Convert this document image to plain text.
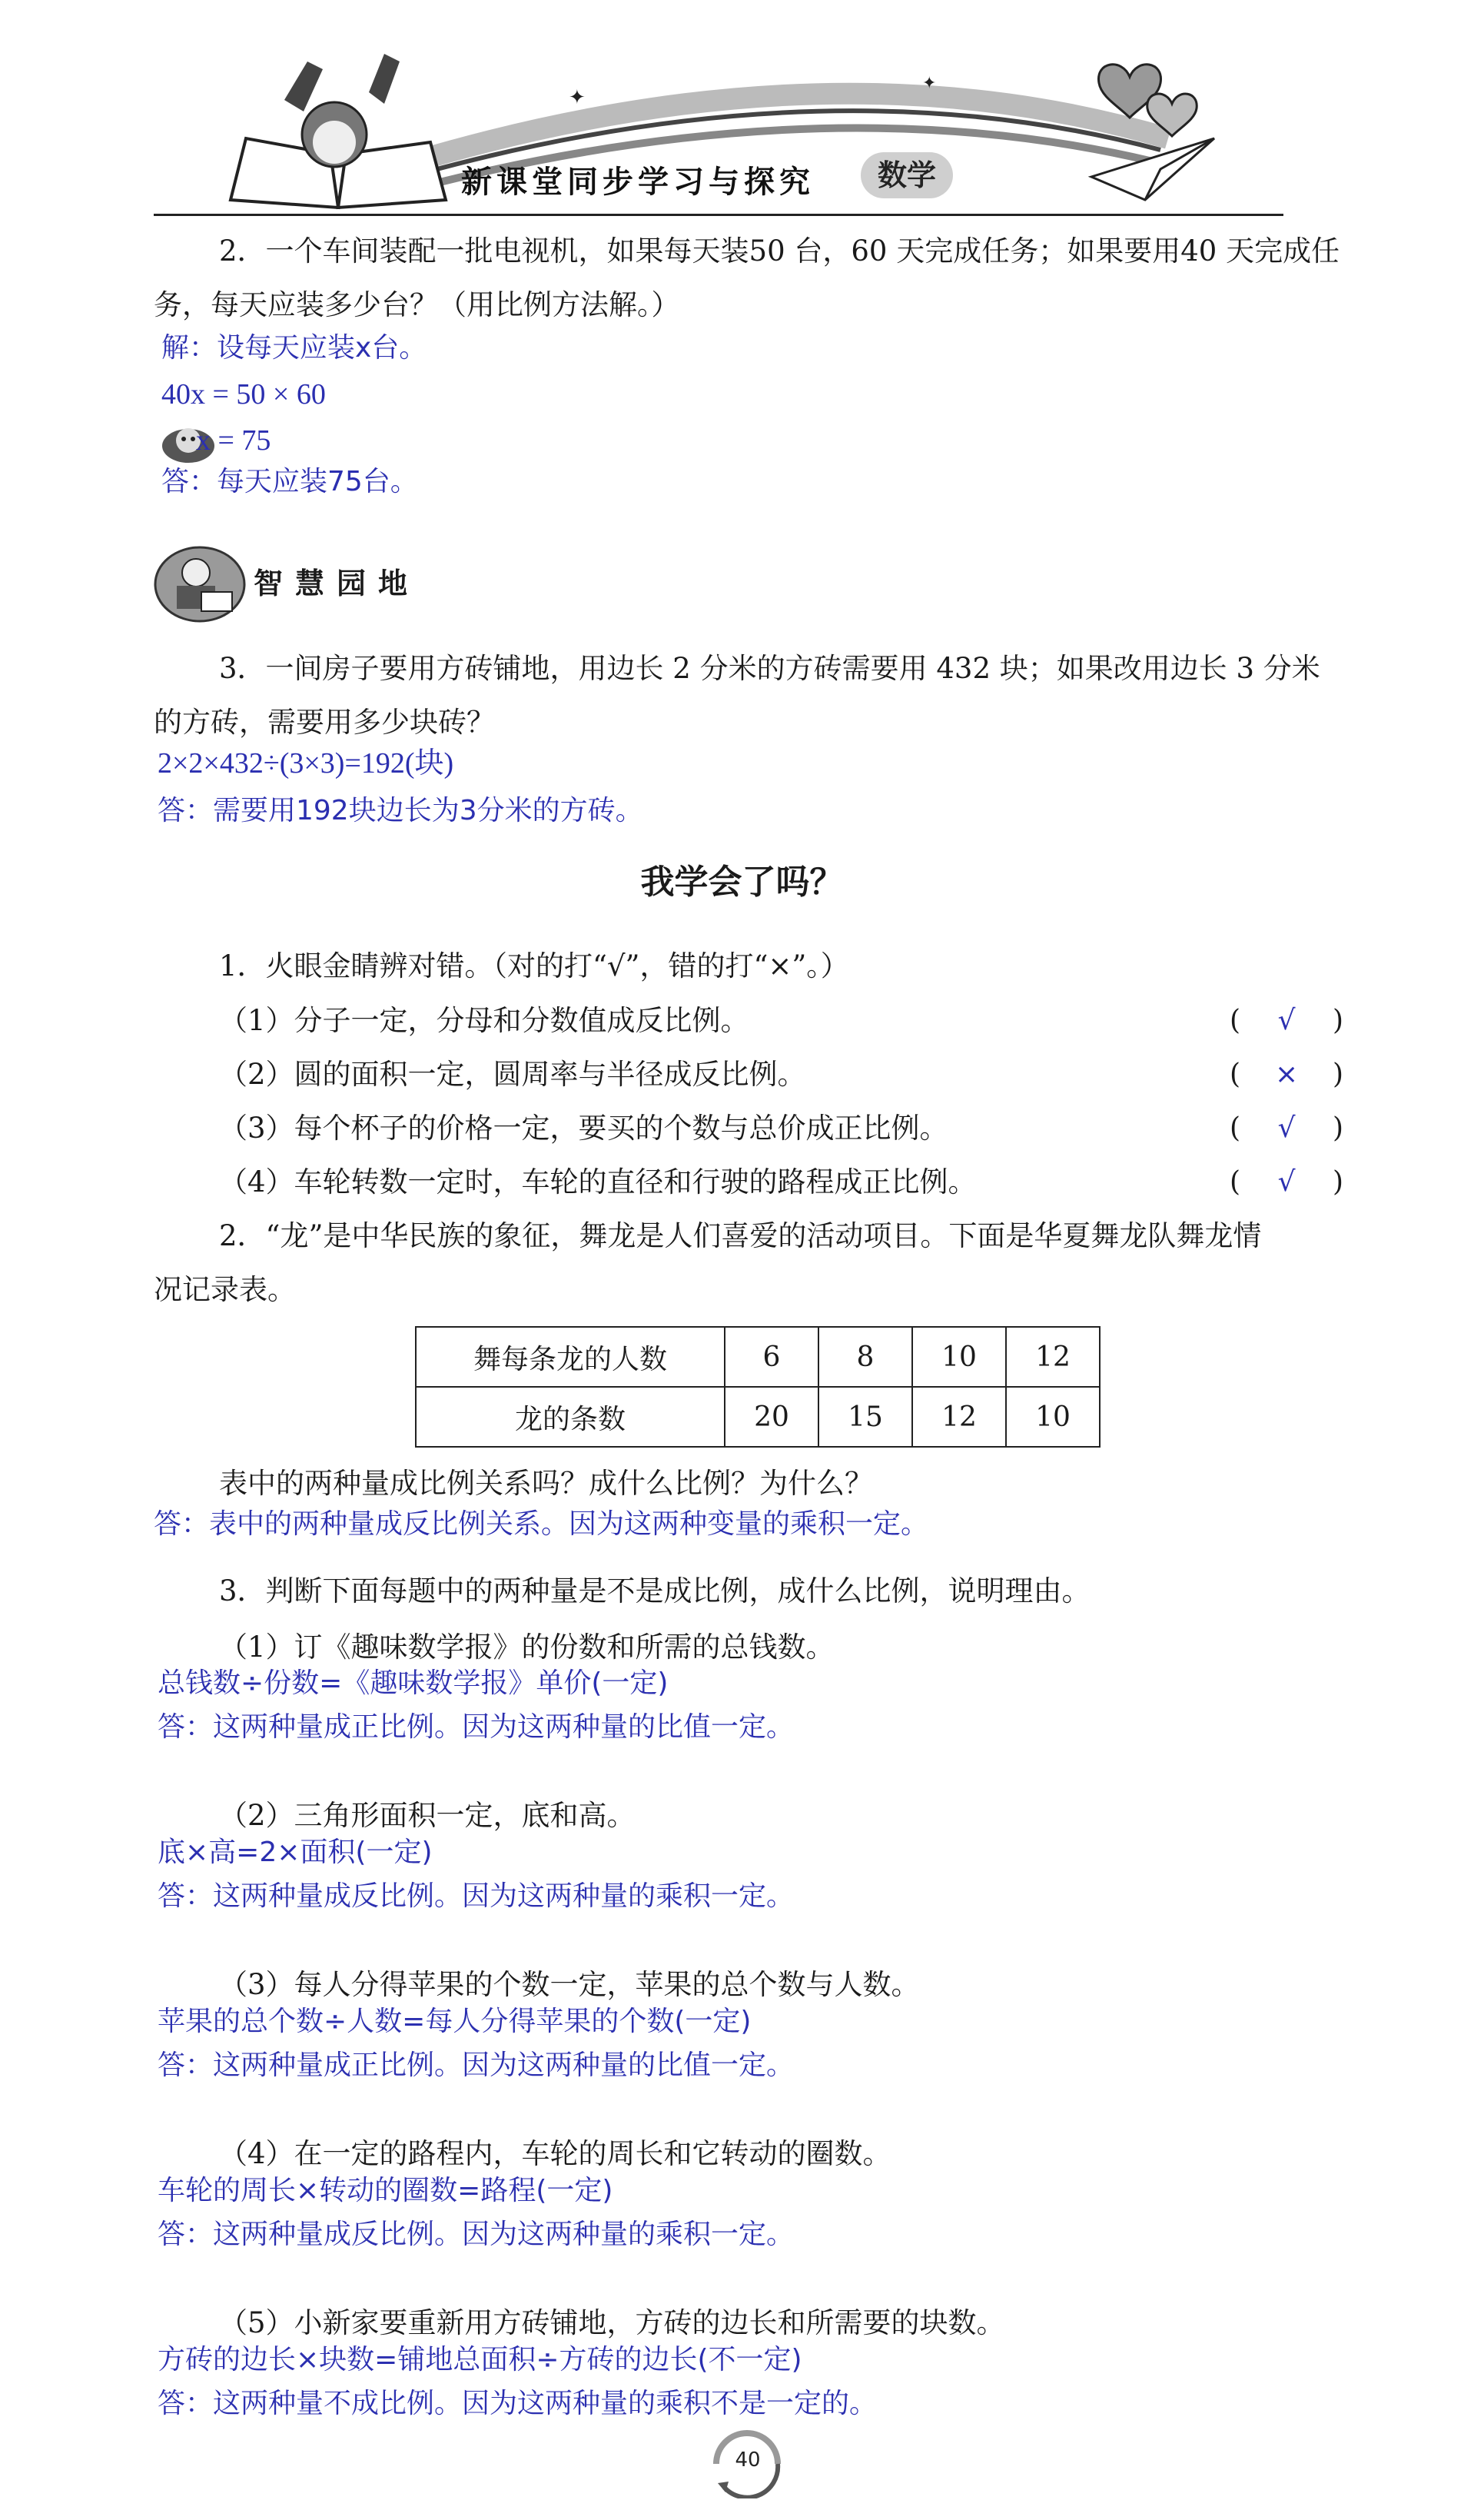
✦
✦
新课堂同步学习与探究	数学
2．一个车间装配一批电视机，如果每天装50 台，60 天完成任务；如果要用40 天完成任
务，每天应装多少台？（用比例方法解。）
解：设每天应装x台。
40x = 50 × 60
x = 75
答：每天应装75台。
智慧园地
3．一间房子要用方砖铺地，用边长 2 分米的方砖需要用 432 块；如果改用边长 3 分米
的方砖，需要用多少块砖？
2×2×432÷(3×3)=192(块)
答：需要用192块边长为3分米的方砖。
我学会了吗？
1．火眼金睛辨对错。（对的打“√”，错的打“×”。）
（1）分子一定，分母和分数值成反比例。	( √ )
（2）圆的面积一定，圆周率与半径成反比例。	( × )
（3）每个杯子的价格一定，要买的个数与总价成正比例。	( √ )
（4）车轮转数一定时，车轮的直径和行驶的路程成正比例。	( √ )
2．“龙”是中华民族的象征，舞龙是人们喜爱的活动项目。下面是华夏舞龙队舞龙情
况记录表。
舞每条龙的人数	6	8	10	12
龙的条数	20	15	12	10
表中的两种量成比例关系吗？成什么比例？为什么？
答：表中的两种量成反比例关系。因为这两种变量的乘积一定。
3．判断下面每题中的两种量是不是成比例，成什么比例，说明理由。
（1）订《趣味数学报》的份数和所需的总钱数。
总钱数÷份数=《趣味数学报》单价(一定)
答：这两种量成正比例。因为这两种量的比值一定。
（2）三角形面积一定，底和高。
底×高=2×面积(一定)
答：这两种量成反比例。因为这两种量的乘积一定。
（3）每人分得苹果的个数一定，苹果的总个数与人数。
苹果的总个数÷人数=每人分得苹果的个数(一定)
答：这两种量成正比例。因为这两种量的比值一定。
（4）在一定的路程内，车轮的周长和它转动的圈数。
车轮的周长×转动的圈数=路程(一定)
答：这两种量成反比例。因为这两种量的乘积一定。
（5）小新家要重新用方砖铺地，方砖的边长和所需要的块数。
方砖的边长×块数=铺地总面积÷方砖的边长(不一定)
答：这两种量不成比例。因为这两种量的乘积不是一定的。
40
